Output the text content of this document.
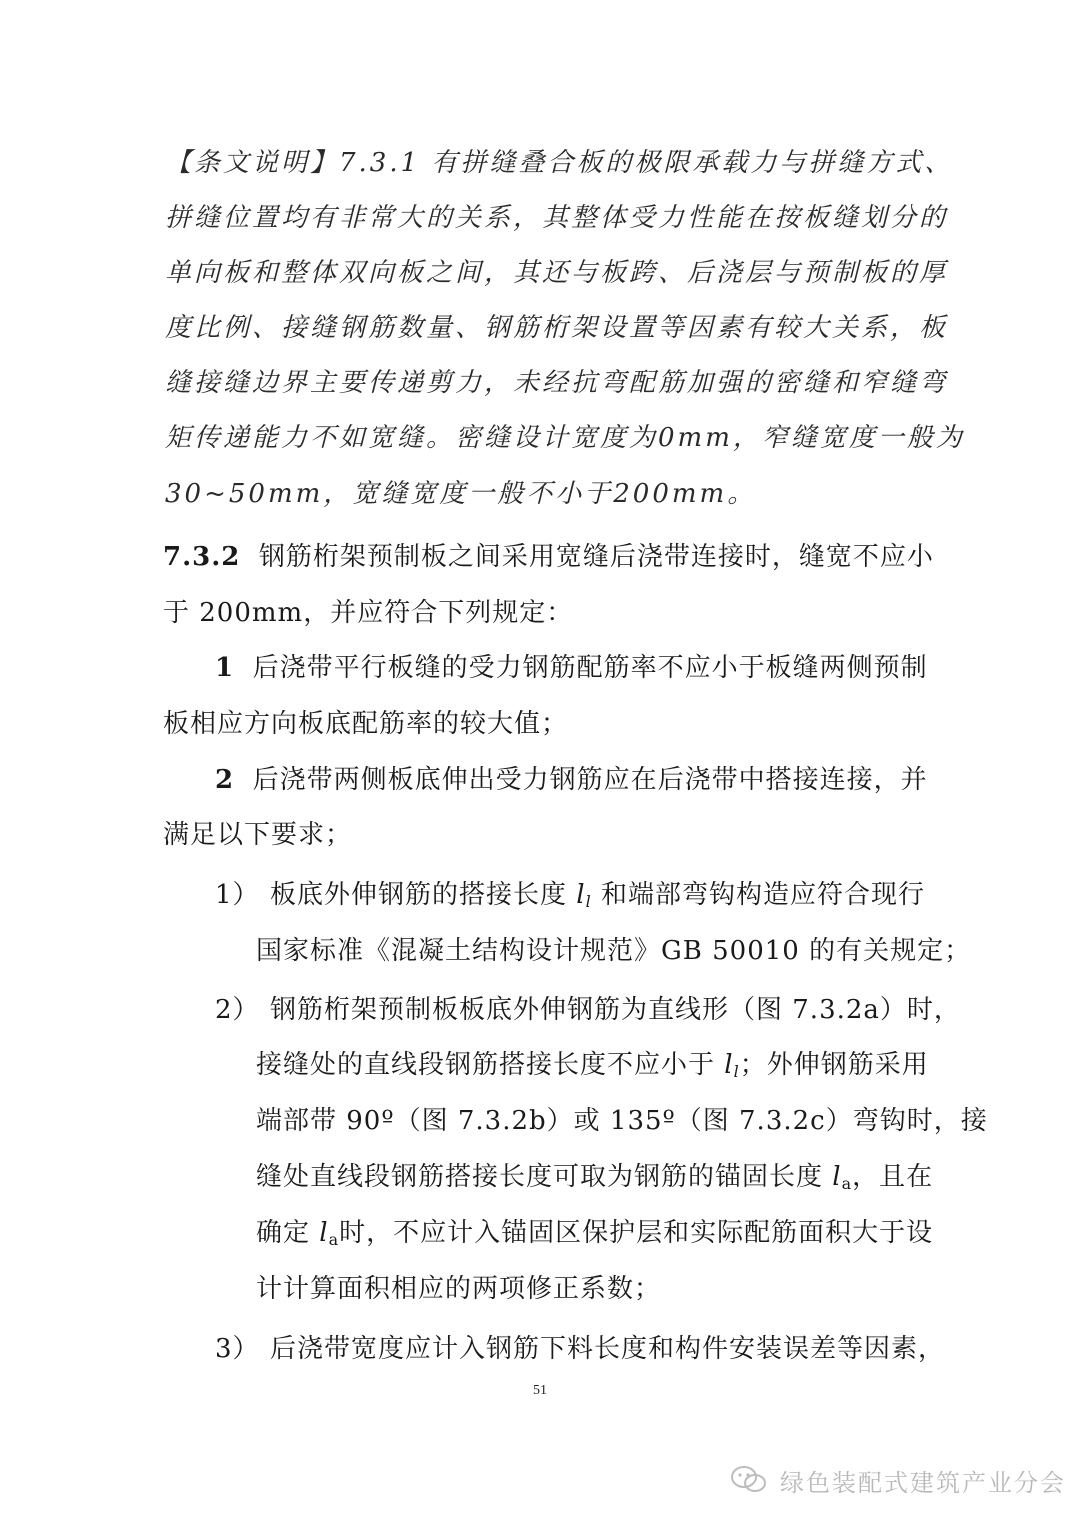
【条文说明】7.3.1 有拼缝叠合板的极限承载力与拼缝方式、
拼缝位置均有非常大的关系，其整体受力性能在按板缝划分的
单向板和整体双向板之间，其还与板跨、后浇层与预制板的厚
度比例、接缝钢筋数量、钢筋桁架设置等因素有较大关系，板
缝接缝边界主要传递剪力，未经抗弯配筋加强的密缝和窄缝弯
矩传递能力不如宽缝。密缝设计宽度为0mm，窄缝宽度一般为
30~50mm，宽缝宽度一般不小于200mm。
7.3.2 钢筋桁架预制板之间采用宽缝后浇带连接时，缝宽不应小
于 200mm，并应符合下列规定：
1 后浇带平行板缝的受力钢筋配筋率不应小于板缝两侧预制
板相应方向板底配筋率的较大值；
2 后浇带两侧板底伸出受力钢筋应在后浇带中搭接连接，并
满足以下要求；
1） 板底外伸钢筋的搭接长度 $l_l$ 和端部弯钩构造应符合现行
国家标准《混凝土结构设计规范》GB 50010 的有关规定；
2） 钢筋桁架预制板板底外伸钢筋为直线形（图 7.3.2a）时，
接缝处的直线段钢筋搭接长度不应小于 $l_l$；外伸钢筋采用
端部带 90º（图 7.3.2b）或 135º（图 7.3.2c）弯钩时，接
缝处直线段钢筋搭接长度可取为钢筋的锚固长度 $l_a$，且在
确定 $l_a$时，不应计入锚固区保护层和实际配筋面积大于设
计计算面积相应的两项修正系数；
3） 后浇带宽度应计入钢筋下料长度和构件安装误差等因素，
51
绿色装配式建筑产业分会
